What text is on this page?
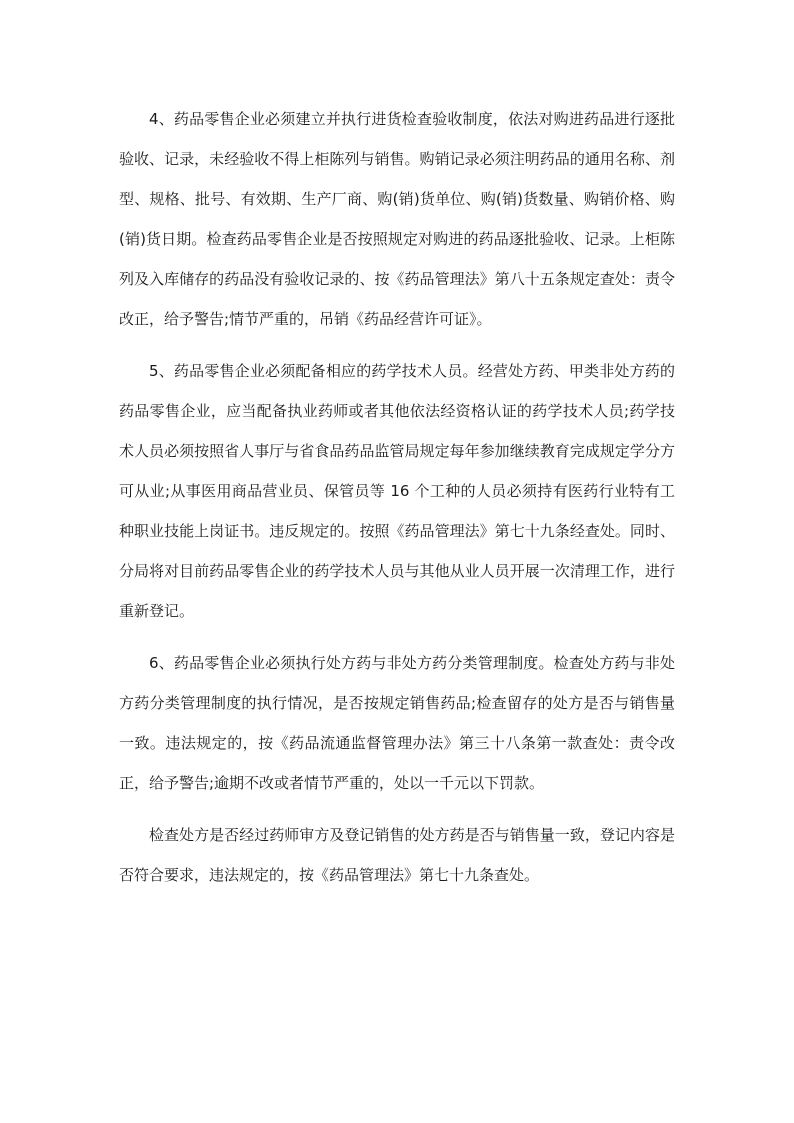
4、药品零售企业必须建立并执行进货检查验收制度，依法对购进药品进行逐批验收、记录，未经验收不得上柜陈列与销售。购销记录必须注明药品的通用名称、剂型、规格、批号、有效期、生产厂商、购(销)货单位、购(销)货数量、购销价格、购(销)货日期。检查药品零售企业是否按照规定对购进的药品逐批验收、记录。上柜陈列及入库储存的药品没有验收记录的、按《药品管理法》第八十五条规定查处：责令改正，给予警告;情节严重的，吊销《药品经营许可证》。

5、药品零售企业必须配备相应的药学技术人员。经营处方药、甲类非处方药的药品零售企业，应当配备执业药师或者其他依法经资格认证的药学技术人员;药学技术人员必须按照省人事厅与省食品药品监管局规定每年参加继续教育完成规定学分方可从业;从事医用商品营业员、保管员等 16 个工种的人员必须持有医药行业特有工种职业技能上岗证书。违反规定的。按照《药品管理法》第七十九条经查处。同时、分局将对目前药品零售企业的药学技术人员与其他从业人员开展一次清理工作，进行重新登记。

6、药品零售企业必须执行处方药与非处方药分类管理制度。检查处方药与非处方药分类管理制度的执行情况，是否按规定销售药品;检查留存的处方是否与销售量一致。违法规定的，按《药品流通监督管理办法》第三十八条第一款查处：责令改正，给予警告;逾期不改或者情节严重的，处以一千元以下罚款。

检查处方是否经过药师审方及登记销售的处方药是否与销售量一致，登记内容是否符合要求，违法规定的，按《药品管理法》第七十九条查处。
